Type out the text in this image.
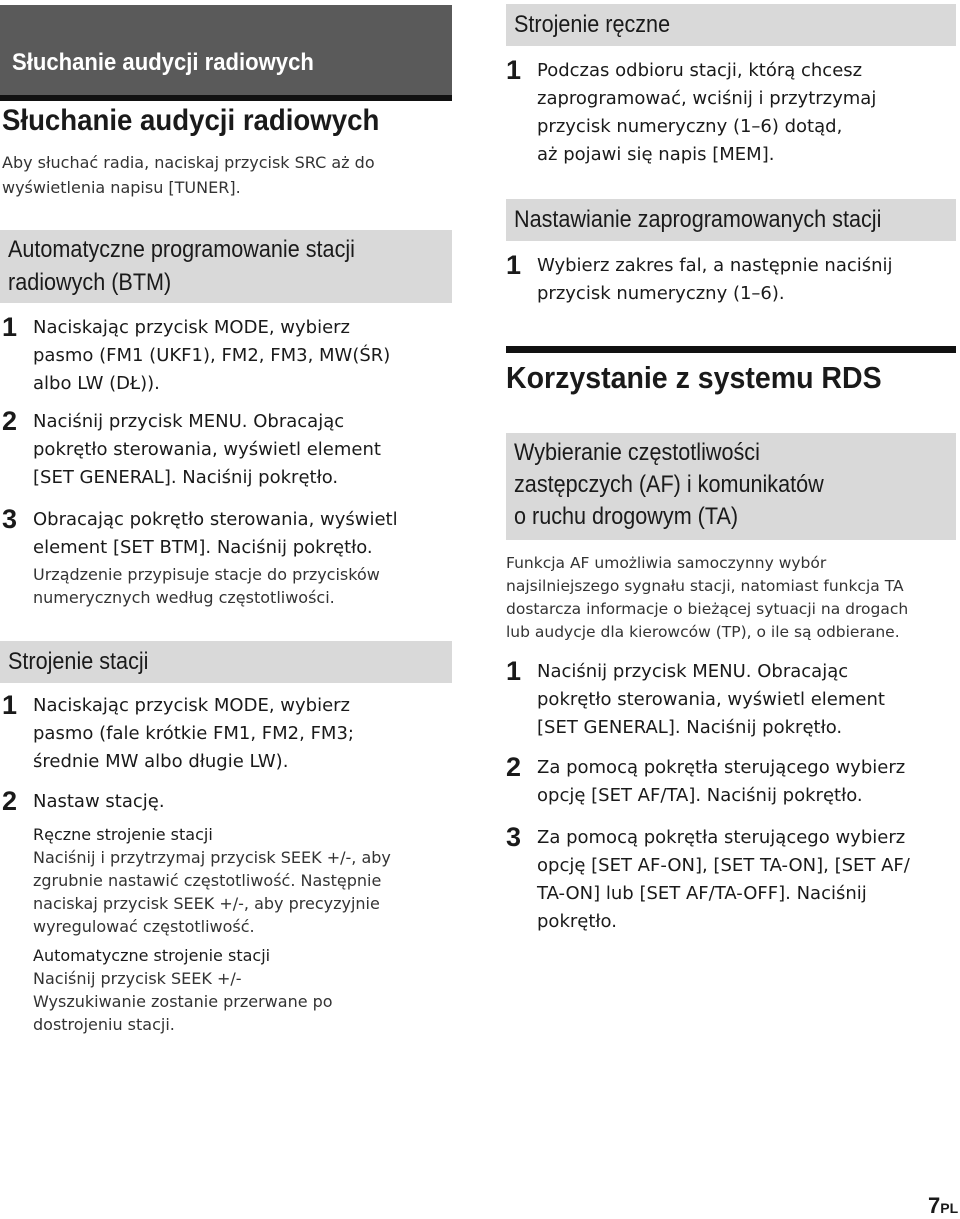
Słuchanie audycji radiowych
Słuchanie audycji radiowych
Aby słuchać radia, naciskaj przycisk SRC aż do
wyświetlenia napisu [TUNER].
Automatyczne programowanie stacji
radiowych (BTM)
1 Naciskając przycisk MODE, wybierz
pasmo (FM1 (UKF1), FM2, FM3, MW(ŚR)
albo LW (DŁ)).
2 Naciśnij przycisk MENU. Obracając
pokrętło sterowania, wyświetl element
[SET GENERAL]. Naciśnij pokrętło.
3 Obracając pokrętło sterowania, wyświetl
element [SET BTM]. Naciśnij pokrętło.
Urządzenie przypisuje stacje do przycisków
numerycznych według częstotliwości.
Strojenie stacji
1 Naciskając przycisk MODE, wybierz
pasmo (fale krótkie FM1, FM2, FM3;
średnie MW albo długie LW).
2 Nastaw stację.
Ręczne strojenie stacji
Naciśnij i przytrzymaj przycisk SEEK +/-, aby
zgrubnie nastawić częstotliwość. Następnie
naciskaj przycisk SEEK +/-, aby precyzyjnie
wyregulować częstotliwość.
Automatyczne strojenie stacji
Naciśnij przycisk SEEK +/-
Wyszukiwanie zostanie przerwane po
dostrojeniu stacji.
Strojenie ręczne
1 Podczas odbioru stacji, którą chcesz
zaprogramować, wciśnij i przytrzymaj
przycisk numeryczny (1–6) dotąd,
aż pojawi się napis [MEM].
Nastawianie zaprogramowanych stacji
1 Wybierz zakres fal, a następnie naciśnij
przycisk numeryczny (1–6).
Korzystanie z systemu RDS
Wybieranie częstotliwości
zastępczych (AF) i komunikatów
o ruchu drogowym (TA)
Funkcja AF umożliwia samoczynny wybór
najsilniejszego sygnału stacji, natomiast funkcja TA
dostarcza informacje o bieżącej sytuacji na drogach
lub audycje dla kierowców (TP), o ile są odbierane.
1 Naciśnij przycisk MENU. Obracając
pokrętło sterowania, wyświetl element
[SET GENERAL]. Naciśnij pokrętło.
2 Za pomocą pokrętła sterującego wybierz
opcję [SET AF/TA]. Naciśnij pokrętło.
3 Za pomocą pokrętła sterującego wybierz
opcję [SET AF-ON], [SET TA-ON], [SET AF/
TA-ON] lub [SET AF/TA-OFF]. Naciśnij
pokrętło.
7PL
